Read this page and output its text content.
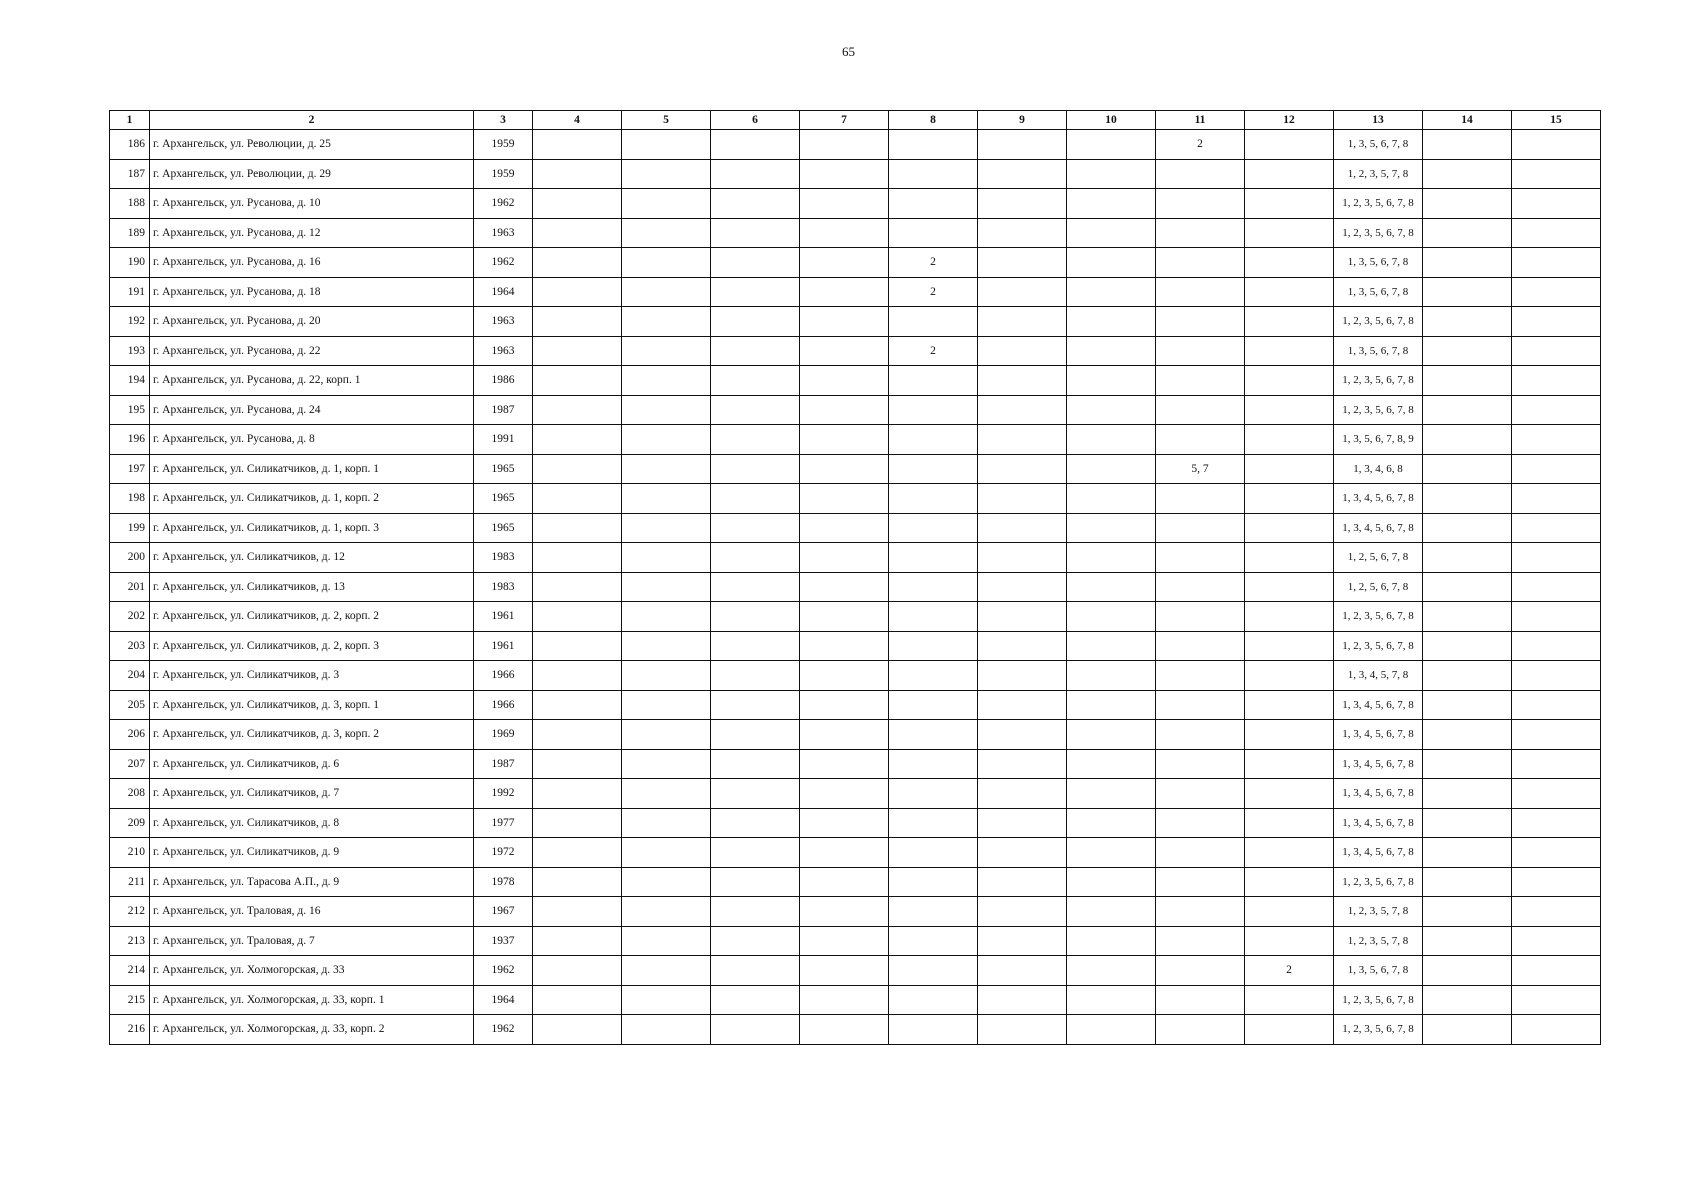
65
1	2	3	4	5	6	7	8	9	10	11	12	13	14	15
186	г. Архангельск, ул. Революции, д. 25	1959								2		1, 3, 5, 6, 7, 8		
187	г. Архангельск, ул. Революции, д. 29	1959										1, 2, 3, 5, 7, 8		
188	г. Архангельск, ул. Русанова, д. 10	1962										1, 2, 3, 5, 6, 7, 8		
189	г. Архангельск, ул. Русанова, д. 12	1963										1, 2, 3, 5, 6, 7, 8		
190	г. Архангельск, ул. Русанова, д. 16	1962					2					1, 3, 5, 6, 7, 8		
191	г. Архангельск, ул. Русанова, д. 18	1964					2					1, 3, 5, 6, 7, 8		
192	г. Архангельск, ул. Русанова, д. 20	1963										1, 2, 3, 5, 6, 7, 8		
193	г. Архангельск, ул. Русанова, д. 22	1963					2					1, 3, 5, 6, 7, 8		
194	г. Архангельск, ул. Русанова, д. 22, корп. 1	1986										1, 2, 3, 5, 6, 7, 8		
195	г. Архангельск, ул. Русанова, д. 24	1987										1, 2, 3, 5, 6, 7, 8		
196	г. Архангельск, ул. Русанова, д. 8	1991										1, 3, 5, 6, 7, 8, 9		
197	г. Архангельск, ул. Силикатчиков, д. 1, корп. 1	1965								5, 7		1, 3, 4, 6, 8		
198	г. Архангельск, ул. Силикатчиков, д. 1, корп. 2	1965										1, 3, 4, 5, 6, 7, 8		
199	г. Архангельск, ул. Силикатчиков, д. 1, корп. 3	1965										1, 3, 4, 5, 6, 7, 8		
200	г. Архангельск, ул. Силикатчиков, д. 12	1983										1, 2, 5, 6, 7, 8		
201	г. Архангельск, ул. Силикатчиков, д. 13	1983										1, 2, 5, 6, 7, 8		
202	г. Архангельск, ул. Силикатчиков, д. 2, корп. 2	1961										1, 2, 3, 5, 6, 7, 8		
203	г. Архангельск, ул. Силикатчиков, д. 2, корп. 3	1961										1, 2, 3, 5, 6, 7, 8		
204	г. Архангельск, ул. Силикатчиков, д. 3	1966										1, 3, 4, 5, 7, 8		
205	г. Архангельск, ул. Силикатчиков, д. 3, корп. 1	1966										1, 3, 4, 5, 6, 7, 8		
206	г. Архангельск, ул. Силикатчиков, д. 3, корп. 2	1969										1, 3, 4, 5, 6, 7, 8		
207	г. Архангельск, ул. Силикатчиков, д. 6	1987										1, 3, 4, 5, 6, 7, 8		
208	г. Архангельск, ул. Силикатчиков, д. 7	1992										1, 3, 4, 5, 6, 7, 8		
209	г. Архангельск, ул. Силикатчиков, д. 8	1977										1, 3, 4, 5, 6, 7, 8		
210	г. Архангельск, ул. Силикатчиков, д. 9	1972										1, 3, 4, 5, 6, 7, 8		
211	г. Архангельск, ул. Тарасова А.П., д. 9	1978										1, 2, 3, 5, 6, 7, 8		
212	г. Архангельск, ул. Траловая, д. 16	1967										1, 2, 3, 5, 7, 8		
213	г. Архангельск, ул. Траловая, д. 7	1937										1, 2, 3, 5, 7, 8		
214	г. Архангельск, ул. Холмогорская, д. 33	1962									2	1, 3, 5, 6, 7, 8		
215	г. Архангельск, ул. Холмогорская, д. 33, корп. 1	1964										1, 2, 3, 5, 6, 7, 8		
216	г. Архангельск, ул. Холмогорская, д. 33, корп. 2	1962										1, 2, 3, 5, 6, 7, 8		
